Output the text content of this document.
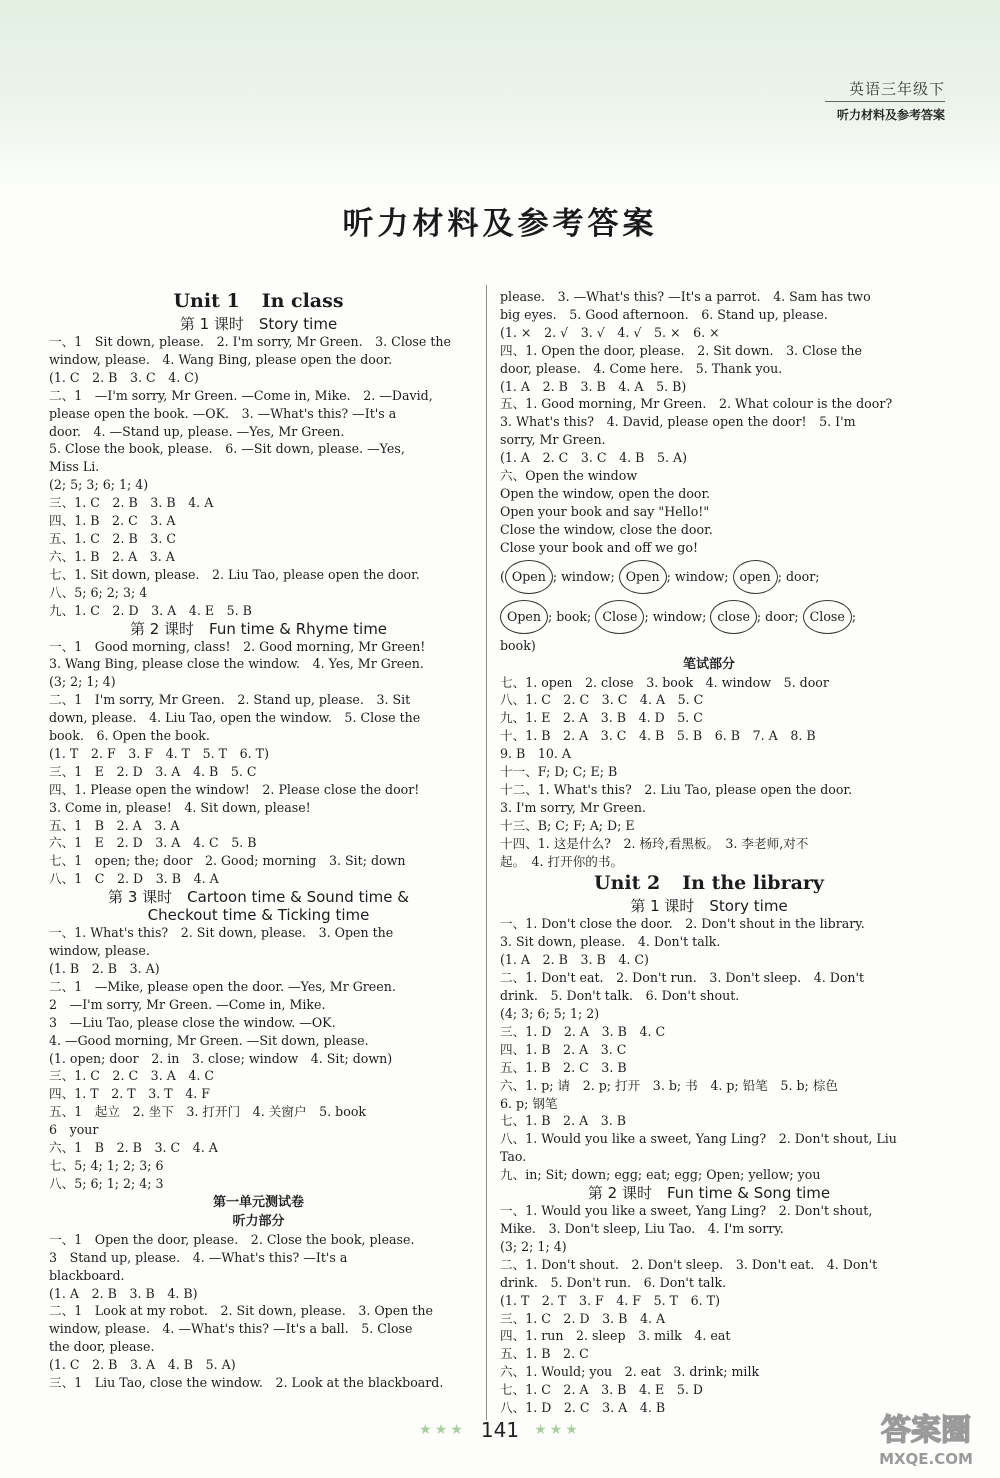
英语三年级下
听力材料及参考答案
听力材料及参考答案

Unit 1 In class

第 1 课时　Story time

一、1　Sit down, please.　2. I'm sorry, Mr Green.　3. Close the

window, please.　4. Wang Bing, please open the door.

(1. C　2. B　3. C　4. C)

二、1　—I'm sorry, Mr Green. —Come in, Mike.　2. —David,

please open the book. —OK.　3. —What's this? —It's a

door.　4. —Stand up, please. —Yes, Mr Green.

5. Close the book, please.　6. —Sit down, please. —Yes,

Miss Li.

(2; 5; 3; 6; 1; 4)

三、1. C　2. B　3. B　4. A

四、1. B　2. C　3. A

五、1. C　2. B　3. C

六、1. B　2. A　3. A

七、1. Sit down, please.　2. Liu Tao, please open the door.

八、5; 6; 2; 3; 4

九、1. C　2. D　3. A　4. E　5. B

第 2 课时　Fun time & Rhyme time

一、1　Good morning, class!　2. Good morning, Mr Green!

3. Wang Bing, please close the window.　4. Yes, Mr Green.

(3; 2; 1; 4)

二、1　I'm sorry, Mr Green.　2. Stand up, please.　3. Sit

down, please.　4. Liu Tao, open the window.　5. Close the

book.　6. Open the book.

(1. T　2. F　3. F　4. T　5. T　6. T)

三、1　E　2. D　3. A　4. B　5. C

四、1. Please open the window!　2. Please close the door!

3. Come in, please!　4. Sit down, please!

五、1　B　2. A　3. A

六、1　E　2. D　3. A　4. C　5. B

七、1　open; the; door　2. Good; morning　3. Sit; down

八、1　C　2. D　3. B　4. A

第 3 课时　Cartoon time & Sound time &

Checkout time & Ticking time

一、1. What's this?　2. Sit down, please.　3. Open the

window, please.

(1. B　2. B　3. A)

二、1　—Mike, please open the door. —Yes, Mr Green.

2　—I'm sorry, Mr Green. —Come in, Mike.

3　—Liu Tao, please close the window. —OK.

4. —Good morning, Mr Green. —Sit down, please.

(1. open; door　2. in　3. close; window　4. Sit; down)

三、1. C　2. C　3. A　4. C

四、1. T　2. T　3. T　4. F

五、1　起立　2. 坐下　3. 打开门　4. 关窗户　5. book

6　your

六、1　B　2. B　3. C　4. A

七、5; 4; 1; 2; 3; 6

八、5; 6; 1; 2; 4; 3

第一单元测试卷

听力部分

一、1　Open the door, please.　2. Close the book, please.

3　Stand up, please.　4. —What's this? —It's a

blackboard.

(1. A　2. B　3. B　4. B)

二、1　Look at my robot.　2. Sit down, please.　3. Open the

window, please.　4. —What's this? —It's a ball.　5. Close

the door, please.

(1. C　2. B　3. A　4. B　5. A)

三、1　Liu Tao, close the window.　2. Look at the blackboard.

please.　3. —What's this? —It's a parrot.　4. Sam has two

big eyes.　5. Good afternoon.　6. Stand up, please.

(1. ×　2. √　3. √　4. √　5. ×　6. ×

四、1. Open the door, please.　2. Sit down.　3. Close the

door, please.　4. Come here.　5. Thank you.

(1. A　2. B　3. B　4. A　5. B)

五、1. Good morning, Mr Green.　2. What colour is the door?

3. What's this?　4. David, please open the door!　5. I'm

sorry, Mr Green.

(1. A　2. C　3. C　4. B　5. A)

六、Open the window

Open the window, open the door.

Open your book and say "Hello!"

Close the window, close the door.

Close your book and off we go!

( Open ; window; Open ; window; open ; door;

Open ; book; Close ; window; close ; door; Close ;

book)

笔试部分

七、1. open　2. close　3. book　4. window　5. door

八、1. C　2. C　3. C　4. A　5. C

九、1. E　2. A　3. B　4. D　5. C

十、1. B　2. A　3. C　4. B　5. B　6. B　7. A　8. B

9. B　10. A

十一、F; D; C; E; B

十二、1. What's this?　2. Liu Tao, please open the door.

3. I'm sorry, Mr Green.

十三、B; C; F; A; D; E

十四、1. 这是什么?　2. 杨玲,看黑板。　3. 李老师,对不

起。　4. 打开你的书。

Unit 2 In the library

第 1 课时　Story time

一、1. Don't close the door.　2. Don't shout in the library.

3. Sit down, please.　4. Don't talk.

(1. A　2. B　3. B　4. C)

二、1. Don't eat.　2. Don't run.　3. Don't sleep.　4. Don't

drink.　5. Don't talk.　6. Don't shout.

(4; 3; 6; 5; 1; 2)

三、1. D　2. A　3. B　4. C

四、1. B　2. A　3. C

五、1. B　2. C　3. B

六、1. p; 请　2. p; 打开　3. b; 书　4. p; 铅笔　5. b; 棕色

6. p; 钢笔

七、1. B　2. A　3. B

八、1. Would you like a sweet, Yang Ling?　2. Don't shout, Liu

Tao.

九、in; Sit; down; egg; eat; egg; Open; yellow; you

第 2 课时　Fun time & Song time

一、1. Would you like a sweet, Yang Ling?　2. Don't shout,

Mike.　3. Don't sleep, Liu Tao.　4. I'm sorry.

(3; 2; 1; 4)

二、1. Don't shout.　2. Don't sleep.　3. Don't eat.　4. Don't

drink.　5. Don't run.　6. Don't talk.

(1. T　2. T　3. F　4. F　5. T　6. T)

三、1. C　2. D　3. B　4. A

四、1. run　2. sleep　3. milk　4. eat

五、1. B　2. C

六、1. Would; you　2. eat　3. drink; milk

七、1. C　2. A　3. B　4. E　5. D

八、1. D　2. C　3. A　4. B

★★★ 141 ★★★	答案圈
MXQE.COM
